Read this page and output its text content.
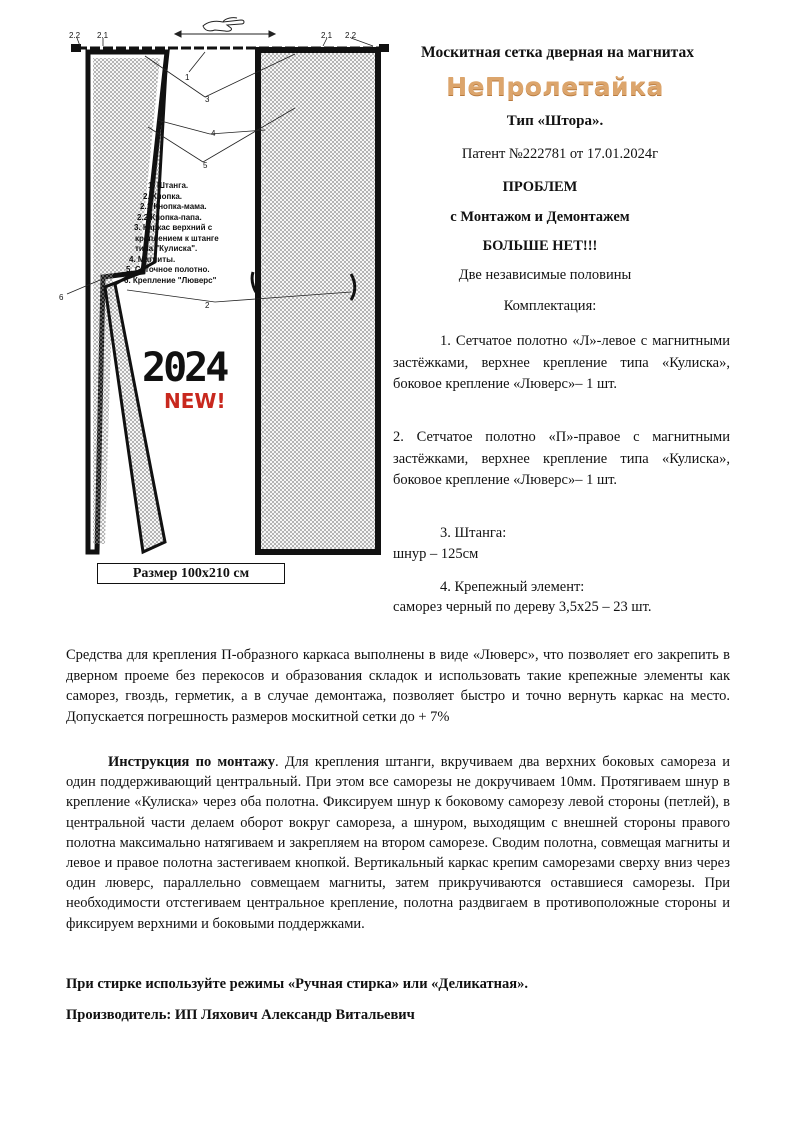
2.2 2.1	2.1 2.2
1
3
4
5
6
2
1. Штанга.
2. Кнопка.
2.1 Кнопка-мама.
2.2 Кнопка-папа.
3. Каркас верхний с
креплением к штанге
типа "Кулиска".
4. Магниты.
5. Сеточное полотно.
6. Крепление "Люверс"
2024
NEW!
Размер 100х210 см
Москитная сетка дверная на магнитах
НеПролетайка
Тип «Штора».
Патент №222781 от 17.01.2024г
ПРОБЛЕМ
с Монтажом и Демонтажем
БОЛЬШЕ НЕТ!!!
Две независимые половины
Комплектация:
1. Сетчатое полотно «Л»-левое с магнитными застёжками, верхнее крепление типа «Кулиска», боковое крепление «Люверс»– 1 шт.
2. Сетчатое полотно «П»-правое с магнитными застёжками, верхнее крепление типа «Кулиска», боковое крепление «Люверс»– 1 шт.
3. Штанга:
шнур – 125см
4. Крепежный элемент:
саморез черный по дереву 3,5х25 – 23 шт.
Средства для крепления П-образного каркаса выполнены в виде «Люверс», что позволяет его закрепить в дверном проеме без перекосов и образования складок и использовать такие крепежные элементы как саморез, гвоздь, герметик, а в случае демонтажа, позволяет быстро и точно вернуть каркас на место. Допускается погрешность размеров москитной сетки до + 7%
Инструкция по монтажу. Для крепления штанги, вкручиваем два верхних боковых самореза и один поддерживающий центральный. При этом все саморезы не докручиваем 10мм. Протягиваем шнур в крепление «Кулиска» через оба полотна. Фиксируем шнур к боковому саморезу левой стороны (петлей), в центральной части делаем оборот вокруг самореза, а шнуром, выходящим с внешней стороны правого полотна максимально натягиваем и закрепляем на втором саморезе. Сводим полотна, совмещая магниты и левое и правое полотна застегиваем кнопкой. Вертикальный каркас крепим саморезами сверху вниз через один люверс, параллельно совмещаем магниты, затем прикручиваются оставшиеся саморезы. При необходимости отстегиваем центральное крепление, полотна раздвигаем в противоположные стороны и фиксируем верхними и боковыми поддержками.
При стирке используйте режимы «Ручная стирка» или «Деликатная».
Производитель: ИП Ляхович Александр Витальевич
